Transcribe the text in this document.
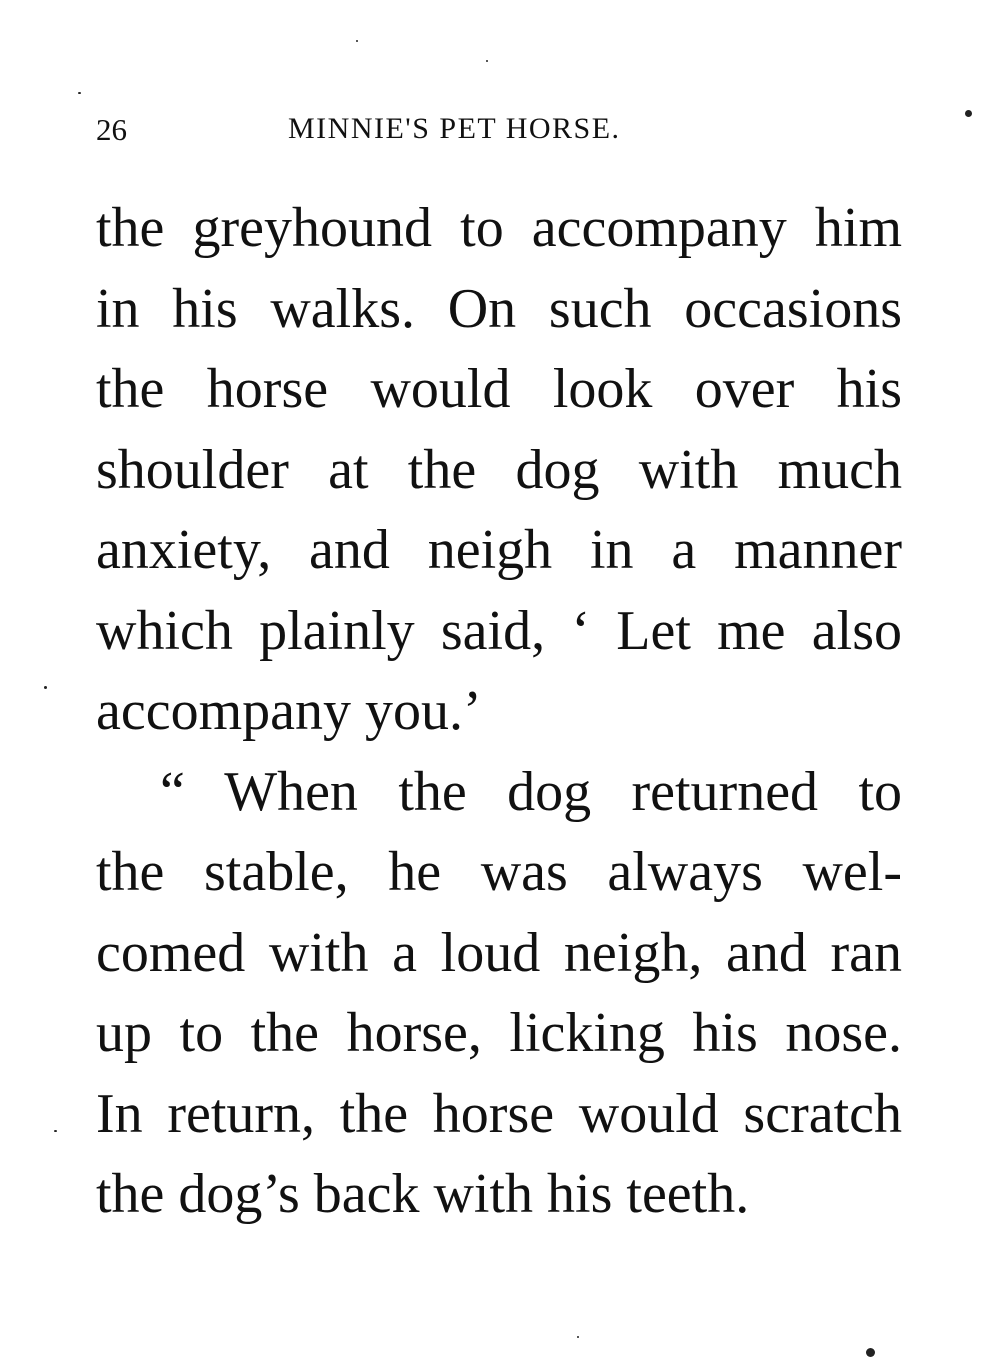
26	MINNIE'S PET HORSE.
the greyhound to accompany him
in his walks. On such occasions
the horse would look over his
shoulder at the dog with much
anxiety, and neigh in a manner
which plainly said, ‘ Let me also
accompany you.’
“ When the dog returned to
the stable, he was always wel-
comed with a loud neigh, and ran
up to the horse, licking his nose.
In return, the horse would scratch
the dog’s back with his teeth.
